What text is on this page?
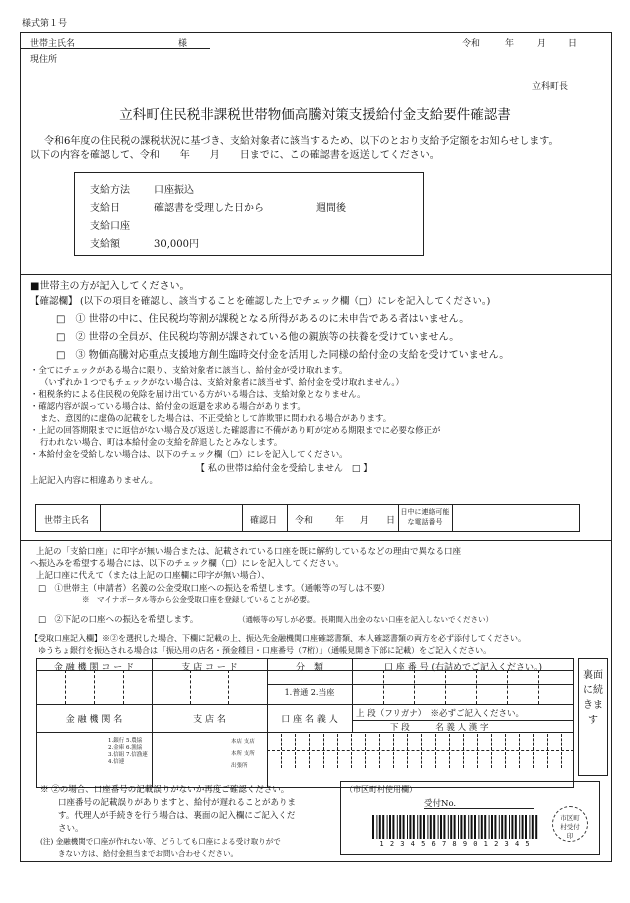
様式第１号
世帯主氏名	様	令和	年	月 日
現住所
立科町長
立科町住民税非課税世帯物価高騰対策支援給付金支給要件確認書
令和6年度の住民税の課税状況に基づき、支給対象者に該当するため、以下のとおり支給予定額をお知らせします。
以下の内容を確認して、令和　　年　　月　　日までに、この確認書を返送してください。
支給方法 口座振込
支給日	確認書を受理した日から	週間後
支給口座
支給額	30,000円
■世帯主の方が記入してください。
【確認欄】 (以下の項目を確認し、該当することを確認した上でチェック欄（□）にレを記入してください。)
□　① 世帯の中に、住民税均等割が課税となる所得があるのに未申告である者はいません。
□　② 世帯の全員が、住民税均等割が課されている他の親族等の扶養を受けていません。
□　③ 物価高騰対応重点支援地方創生臨時交付金を活用した同様の給付金の支給を受けていません。
・全てにチェックがある場合に限り、支給対象者に該当し、給付金が受け取れます。
（いずれか１つでもチェックがない場合は、支給対象者に該当せず、給付金を受け取れません。）
・租税条約による住民税の免除を届け出ている方がいる場合は、支給対象となりません。
・確認内容が誤っている場合は、給付金の返還を求める場合があります。
また、意図的に虚偽の記載をした場合は、不正受給として詐欺罪に問われる場合があります。
・上記の回答期限までに返信がない場合及び返送した確認書に不備があり町が定める期限までに必要な修正が
行われない場合、町は本給付金の支給を辞退したとみなします。
・本給付金を受給しない場合は、以下のチェック欄（□）にレを記入してください。
【 私の世帯は給付金を受給しません　□ 】
上記記入内容に相違ありません。
世帯主氏名	確認日 令和 年 月 日
日中に連絡可能な電話番号
上記の「支給口座」に印字が無い場合または、記載されている口座を既に解約しているなどの理由で異なる口座
へ振込みを希望する場合には、以下のチェック欄（□）にレを記入してください。
上記口座に代えて（または上記の口座欄に印字が無い場合）、
□　①世帯主（申請者）名義の公金受取口座への振込を希望します。（通帳等の写しは不要）
※　マイナポータル等から公金受取口座を登録していることが必要。
□　②下記の口座への振込を希望します。	（通帳等の写しが必要。長期間入出金のない口座を記入しないでください）
【受取口座記入欄】※②を選択した場合、下欄に記載の上、振込先金融機関口座確認書類、本人確認書類の両方を必ず添付してください。
ゆうちょ銀行を振込される場合は「振込用の店名・預金種目・口座番号（7桁）」（通帳見開き下部に記載）をご記入ください。
金 融 機 関 コ ー ド	支 店 コ ー ド	分　類	口 座 番 号 (右詰めでご記入ください。)
1.普通 2.当座
金 融 機 関 名	支 店 名	口 座 名 義 人
上 段（フリガナ）　※必ずご記入ください。
下 段　　　名 義 人 漢 字
1.銀行 5.農協
2.金庫 6.漁協
3.信組 7.信漁連
4.信連
本店 支店
本所 支所
出張所
裏面に続きます
※ ②の場合、口座番号の記載誤りがないか再度ご確認ください。
口座番号の記載誤りがありますと、給付が遅れることがありま
す。代理人が手続きを行う場合は、裏面の記入欄にご記入くだ
さい。
(注) 金融機関で口座が作れない等、どうしても口座による受け取りがで
きない方は、給付金担当までお問い合わせください。
（市区町村使用欄）
受付No.
市区町村受付印
1 2 3 4 5 6 7 8 9 0 1 2 3 4 5
